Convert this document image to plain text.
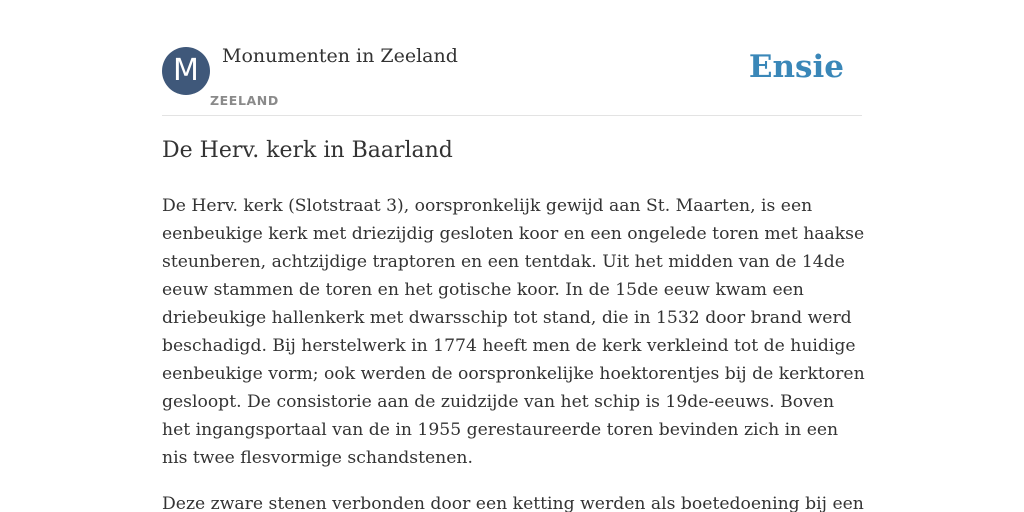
M	Monumenten in Zeeland
ZEELAND
Ensie
De Herv. kerk in Baarland

De Herv. kerk (Slotstraat 3), oorspronkelijk gewijd aan St. Maarten, is een eenbeukige kerk met driezijdig gesloten koor en een ongelede toren met haakse steunberen, achtzijdige traptoren en een tentdak. Uit het midden van de 14de eeuw stammen de toren en het gotische koor. In de 15de eeuw kwam een driebeukige hallenkerk met dwarsschip tot stand, die in 1532 door brand werd beschadigd. Bij herstelwerk in 1774 heeft men de kerk verkleind tot de huidige eenbeukige vorm; ook werden de oorspronkelijke hoektorentjes bij de kerktoren gesloopt. De consistorie aan de zuidzijde van het schip is 19de-eeuws. Boven het ingangsportaal van de in 1955 gerestaureerde toren bevinden zich in een nis twee flesvormige schandstenen.

Deze zware stenen verbonden door een ketting werden als boetedoening bij een
